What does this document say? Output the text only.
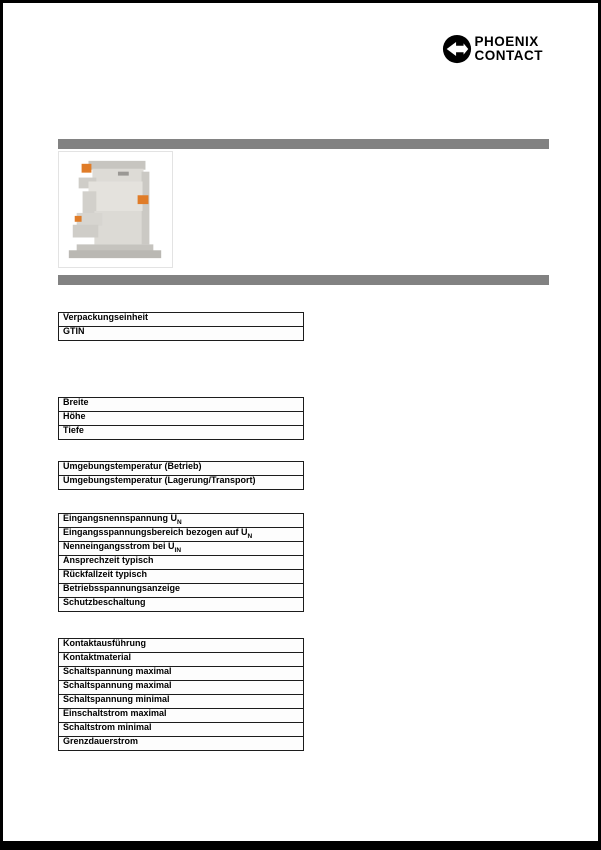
PHOENIX
CONTACT
Verpackungseinheit
GTIN
Breite
Höhe
Tiefe
Umgebungstemperatur (Betrieb)
Umgebungstemperatur (Lagerung/Transport)
Eingangsnennspannung $U_N$
Eingangsspannungsbereich bezogen auf $U_N$
Nenneingangsstrom bei $U_{IN}$
Ansprechzeit typisch
Rückfallzeit typisch
Betriebsspannungsanzeige
Schutzbeschaltung
Kontaktausführung
Kontaktmaterial
Schaltspannung maximal
Schaltspannung maximal
Schaltspannung minimal
Einschaltstrom maximal
Schaltstrom minimal
Grenzdauerstrom
